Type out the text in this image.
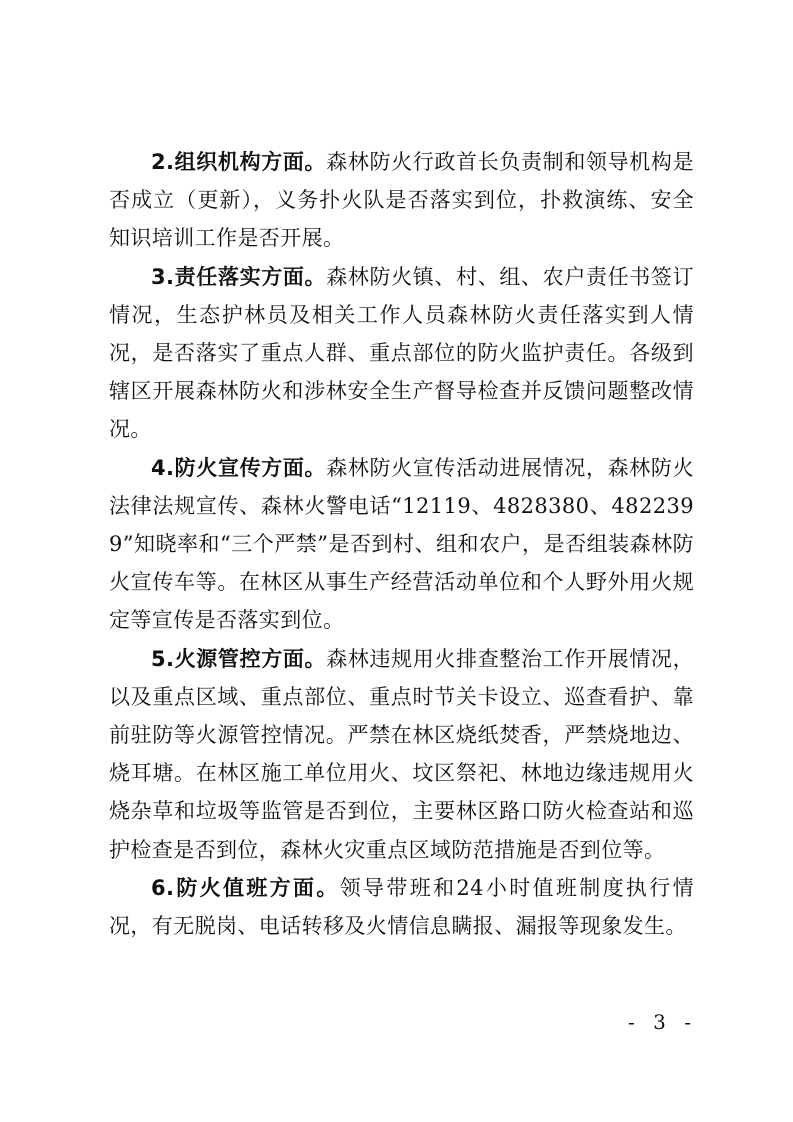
2.组织机构方面。森林防火行政首长负责制和领导机构是否成立（更新），义务扑火队是否落实到位，扑救演练、安全知识培训工作是否开展。

3.责任落实方面。森林防火镇、村、组、农户责任书签订情况，生态护林员及相关工作人员森林防火责任落实到人情况，是否落实了重点人群、重点部位的防火监护责任。各级到辖区开展森林防火和涉林安全生产督导检查并反馈问题整改情况。

4.防火宣传方面。森林防火宣传活动进展情况，森林防火法律法规宣传、森林火警电话“12119、4828380、4822399”知晓率和“三个严禁”是否到村、组和农户，是否组装森林防火宣传车等。在林区从事生产经营活动单位和个人野外用火规定等宣传是否落实到位。

5.火源管控方面。森林违规用火排查整治工作开展情况，以及重点区域、重点部位、重点时节关卡设立、巡查看护、靠前驻防等火源管控情况。严禁在林区烧纸焚香，严禁烧地边、烧耳塘。在林区施工单位用火、坟区祭祀、林地边缘违规用火烧杂草和垃圾等监管是否到位，主要林区路口防火检查站和巡护检查是否到位，森林火灾重点区域防范措施是否到位等。

6.防火值班方面。领导带班和24小时值班制度执行情况，有无脱岗、电话转移及火情信息瞒报、漏报等现象发生。

- 3 -
